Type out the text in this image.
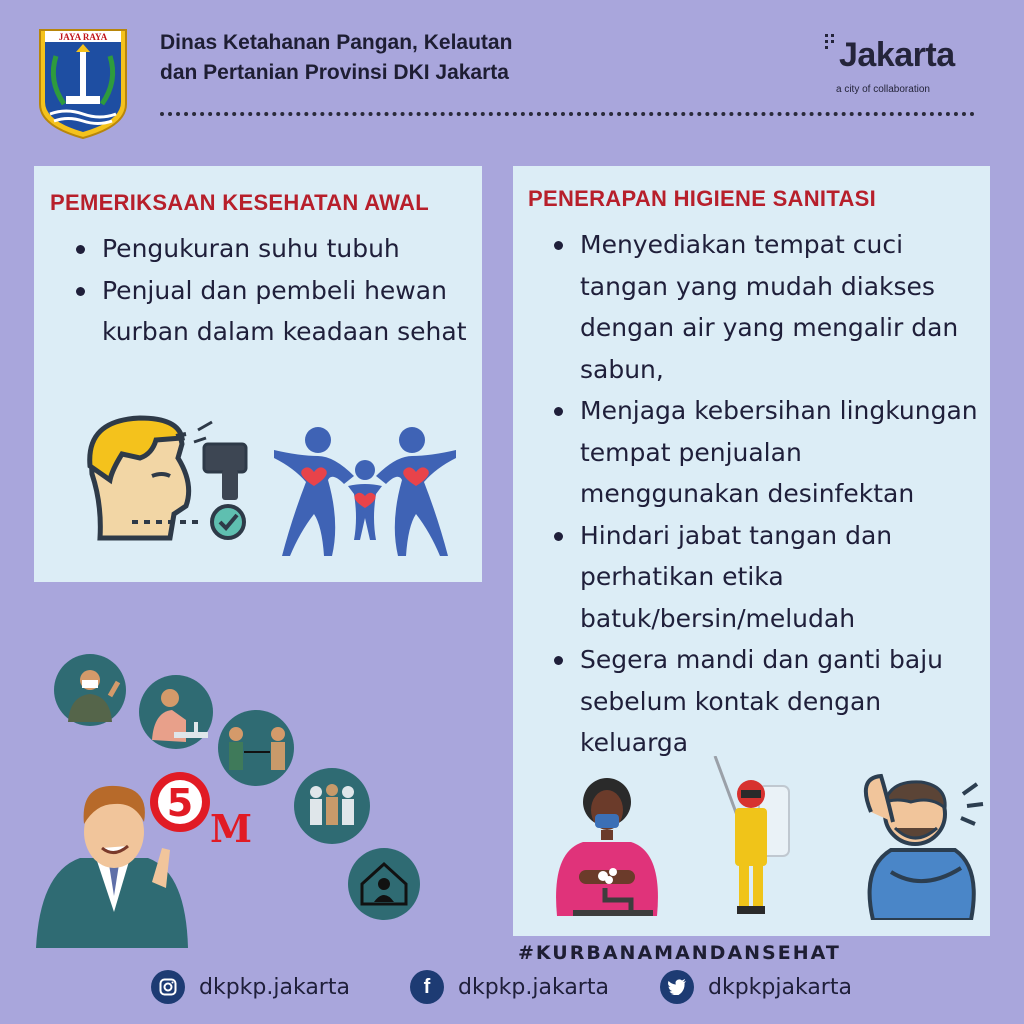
JAYA RAYA	Dinas Ketahanan Pangan, Kelautan
dan Pertanian Provinsi DKI Jakarta	Jakarta
a city of collaboration
PEMERIKSAAN KESEHATAN AWAL
Pengukuran suhu tubuh
Penjual dan pembeli hewan kurban dalam keadaan sehat
PENERAPAN HIGIENE SANITASI
Menyediakan tempat cuci tangan yang mudah diakses dengan air yang mengalir dan sabun,
Menjaga kebersihan lingkungan tempat penjualan menggunakan desinfektan
Hindari jabat tangan dan perhatikan etika batuk/bersin/meludah
Segera mandi dan ganti baju sebelum kontak dengan keluarga
5
M
#KURBANAMANDANSEHAT
dkpkp.jakarta	f	dkpkp.jakarta	dkpkpjakarta
